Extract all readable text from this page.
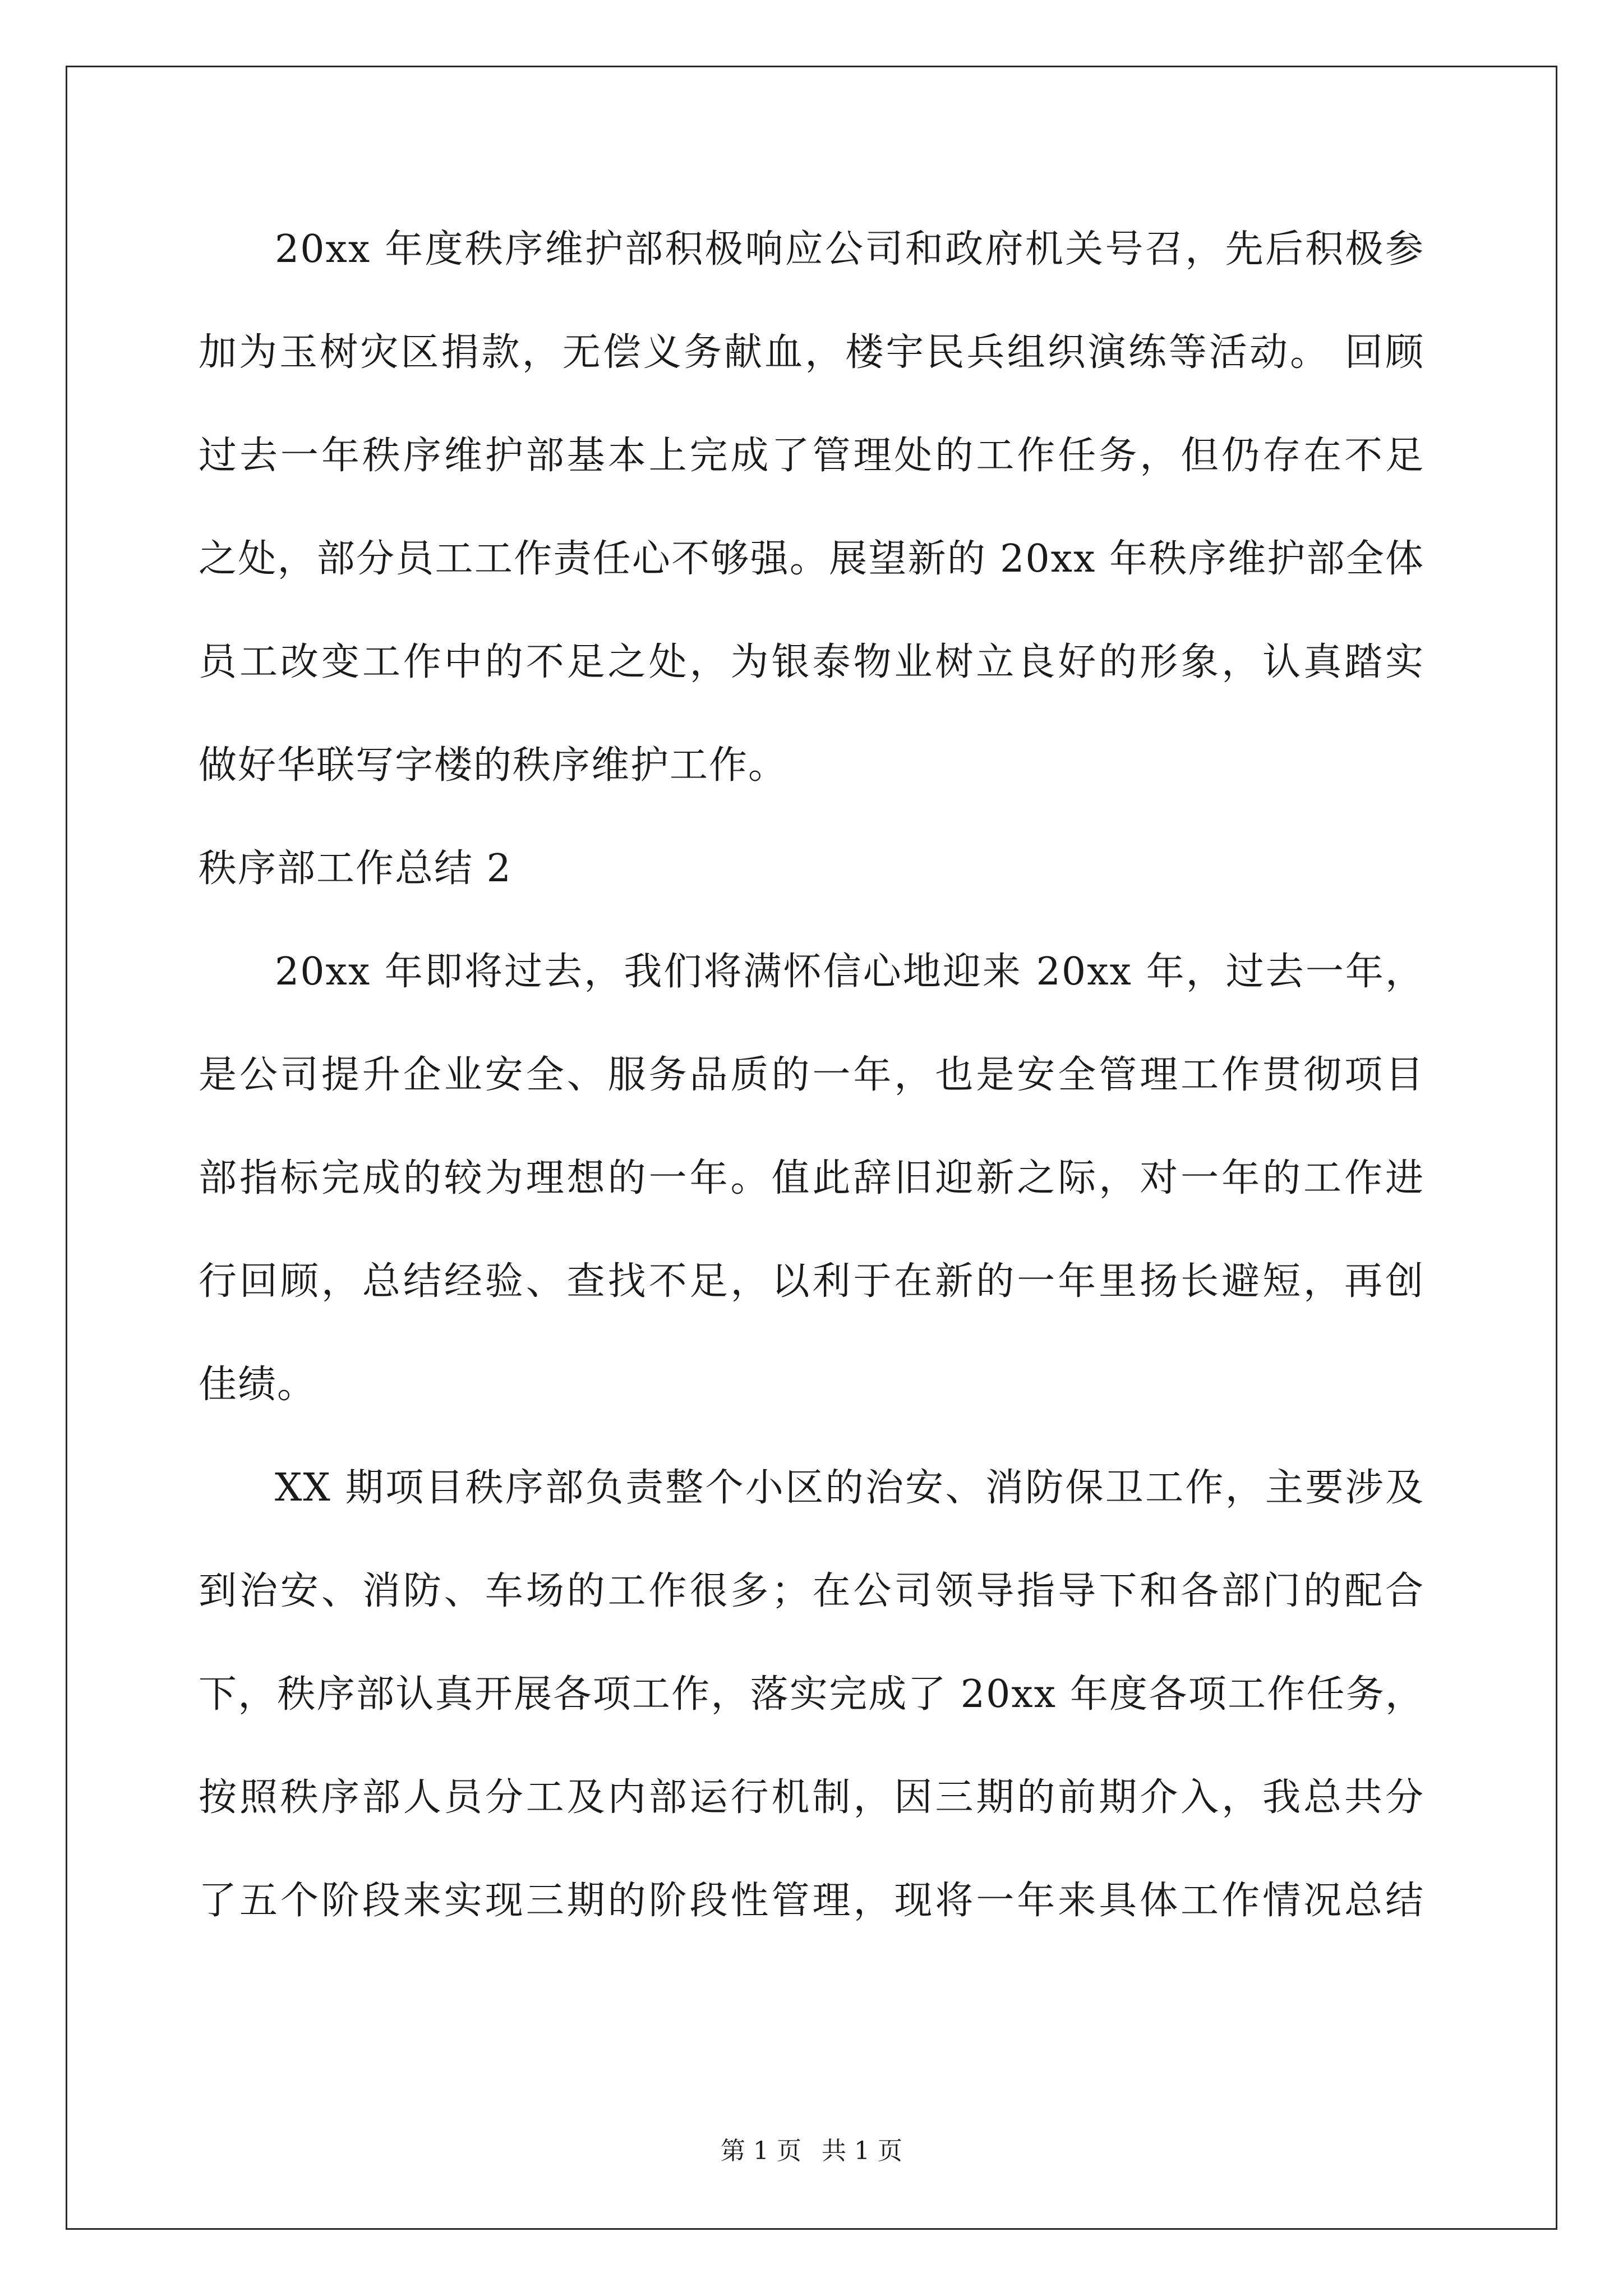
20xx 年度秩序维护部积极响应公司和政府机关号召，先后积极参
加为玉树灾区捐款，无偿义务献血，楼宇民兵组织演练等活动。 回顾
过去一年秩序维护部基本上完成了管理处的工作任务，但仍存在不足
之处，部分员工工作责任心不够强。展望新的 20xx 年秩序维护部全体
员工改变工作中的不足之处，为银泰物业树立良好的形象，认真踏实
做好华联写字楼的秩序维护工作。
秩序部工作总结 2
20xx 年即将过去，我们将满怀信心地迎来 20xx 年，过去一年，
是公司提升企业安全、服务品质的一年，也是安全管理工作贯彻项目
部指标完成的较为理想的一年。值此辞旧迎新之际，对一年的工作进
行回顾，总结经验、查找不足，以利于在新的一年里扬长避短，再创
佳绩。
XX 期项目秩序部负责整个小区的治安、消防保卫工作，主要涉及
到治安、消防、车场的工作很多；在公司领导指导下和各部门的配合
下，秩序部认真开展各项工作，落实完成了 20xx 年度各项工作任务，
按照秩序部人员分工及内部运行机制，因三期的前期介入，我总共分
了五个阶段来实现三期的阶段性管理，现将一年来具体工作情况总结
第 1 页 共 1 页
